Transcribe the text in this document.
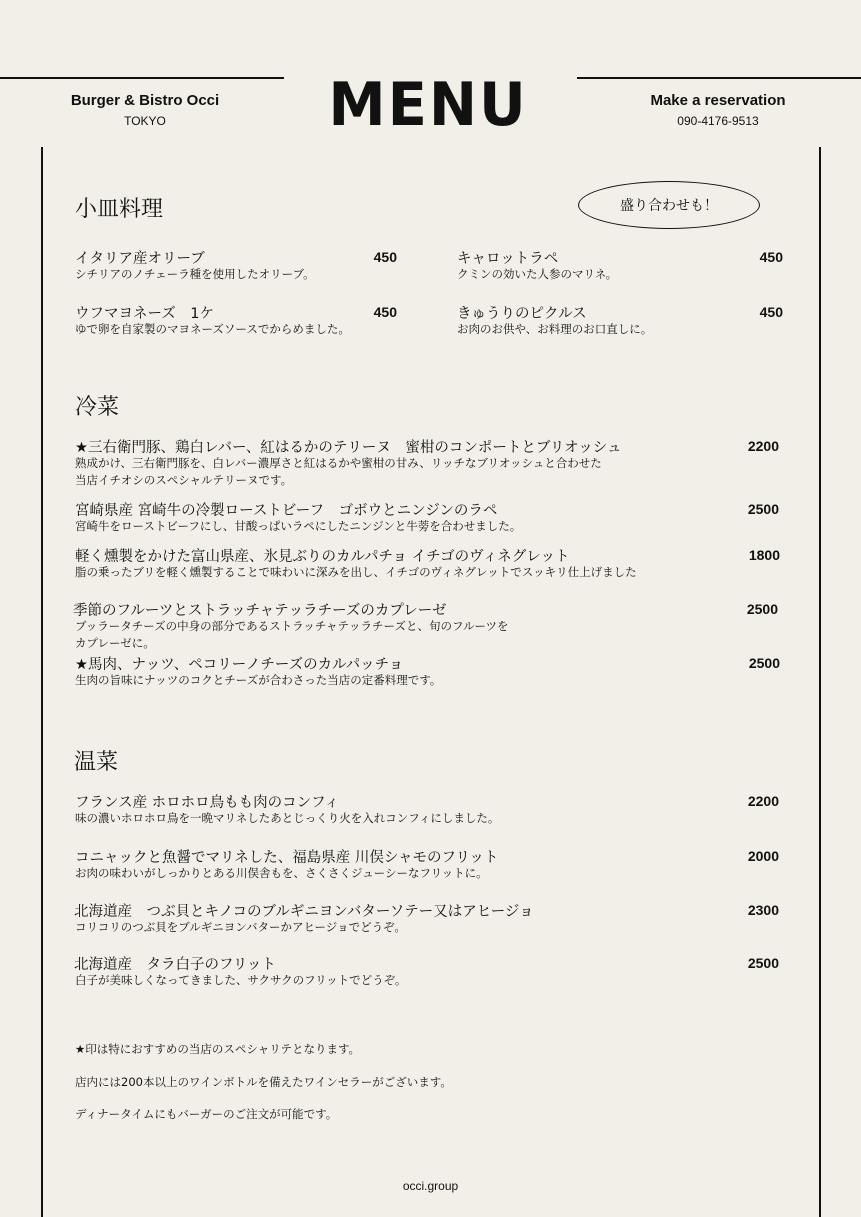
Burger & Bistro Occi
TOKYO	MENU	Make a reservation
090-4176-9513
小皿料理	盛り合わせも！
イタリア産オリーブ	450
シチリアのノチェーラ種を使用したオリーブ。
キャロットラペ	450
クミンの効いた人参のマリネ。
ウフマヨネーズ　1ケ	450
ゆで卵を自家製のマヨネーズソースでからめました。
きゅうりのピクルス	450
お肉のお供や、お料理のお口直しに。
冷菜
★三右衛門豚、鶏白レバー、紅はるかのテリーヌ　蜜柑のコンポートとブリオッシュ	2200
熟成かけ、三右衛門豚を、白レバー濃厚さと紅はるかや蜜柑の甘み、リッチなブリオッシュと合わせた
当店イチオシのスペシャルテリーヌです。
宮崎県産 宮崎牛の冷製ローストビーフ　ゴボウとニンジンのラペ	2500
宮崎牛をローストビーフにし、甘酸っぱいラペにしたニンジンと牛蒡を合わせました。
軽く燻製をかけた富山県産、氷見ぶりのカルパチョ イチゴのヴィネグレット	1800
脂の乗ったブリを軽く燻製することで味わいに深みを出し、イチゴのヴィネグレットでスッキリ仕上げました
季節のフルーツとストラッチャテッラチーズのカプレーゼ	2500
ブッラータチーズの中身の部分であるストラッチャテッラチーズと、旬のフルーツを
カプレーゼに。
★馬肉、ナッツ、ペコリーノチーズのカルパッチョ	2500
生肉の旨味にナッツのコクとチーズが合わさった当店の定番料理です。
温菜
フランス産 ホロホロ鳥もも肉のコンフィ	2200
味の濃いホロホロ鳥を一晩マリネしたあとじっくり火を入れコンフィにしました。
コニャックと魚醤でマリネした、福島県産 川俣シャモのフリット	2000
お肉の味わいがしっかりとある川俣舎もを、さくさくジューシーなフリットに。
北海道産　つぶ貝とキノコのブルギニヨンバターソテー又はアヒージョ	2300
コリコリのつぶ貝をブルギニヨンバターかアヒージョでどうぞ。
北海道産　タラ白子のフリット	2500
白子が美味しくなってきました、サクサクのフリットでどうぞ。
★印は特におすすめの当店のスペシャリテとなります。
店内には200本以上のワインボトルを備えたワインセラーがございます。
ディナータイムにもバーガーのご注文が可能です。
occi.group
